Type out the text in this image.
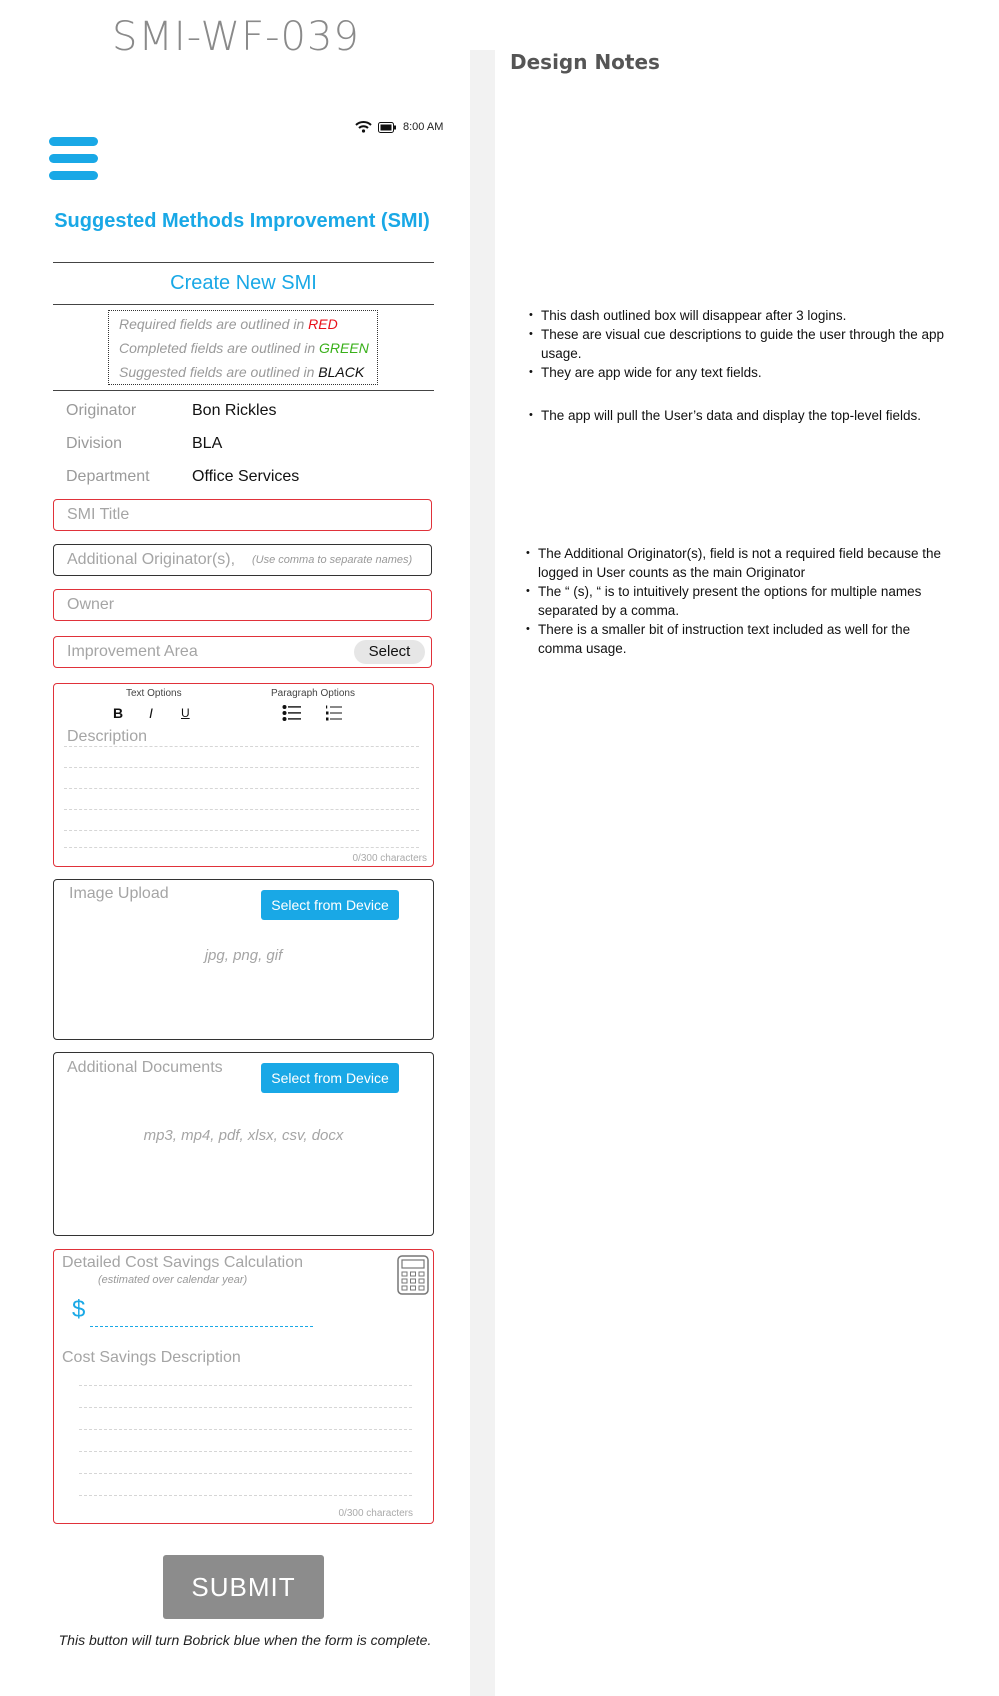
SMI-WF-039
Design Notes
8:00 AM
Suggested Methods Improvement (SMI)
Create New SMI
Required fields are outlined in RED
Completed fields are outlined in GREEN
Suggested fields are outlined in BLACK
Originator	Bon Rickles
Division	BLA
Department	Office Services
SMI Title
Additional Originator(s), (Use comma to separate names)
Owner
Improvement Area	Select
Text Options	Paragraph Options
B I U
Description
0/300 characters
Image Upload
Select from Device
jpg, png, gif
Additional Documents
Select from Device
mp3, mp4, pdf, xlsx, csv, docx
Detailed Cost Savings Calculation
(estimated over calendar year)
$
Cost Savings Description
0/300 characters
SUBMIT
This button will turn Bobrick blue when the form is complete.
• This dash outlined box will disappear after 3 logins.
• These are visual cue descriptions to guide the user through the app usage.
• They are app wide for any text fields.
• The app will pull the User’s data and display the top-level fields.
• The Additional Originator(s), field is not a required field because the logged in User counts as the main Originator
• The “ (s), “ is to intuitively present the options for multiple names separated by a comma.
• There is a smaller bit of instruction text included as well for the comma usage.
